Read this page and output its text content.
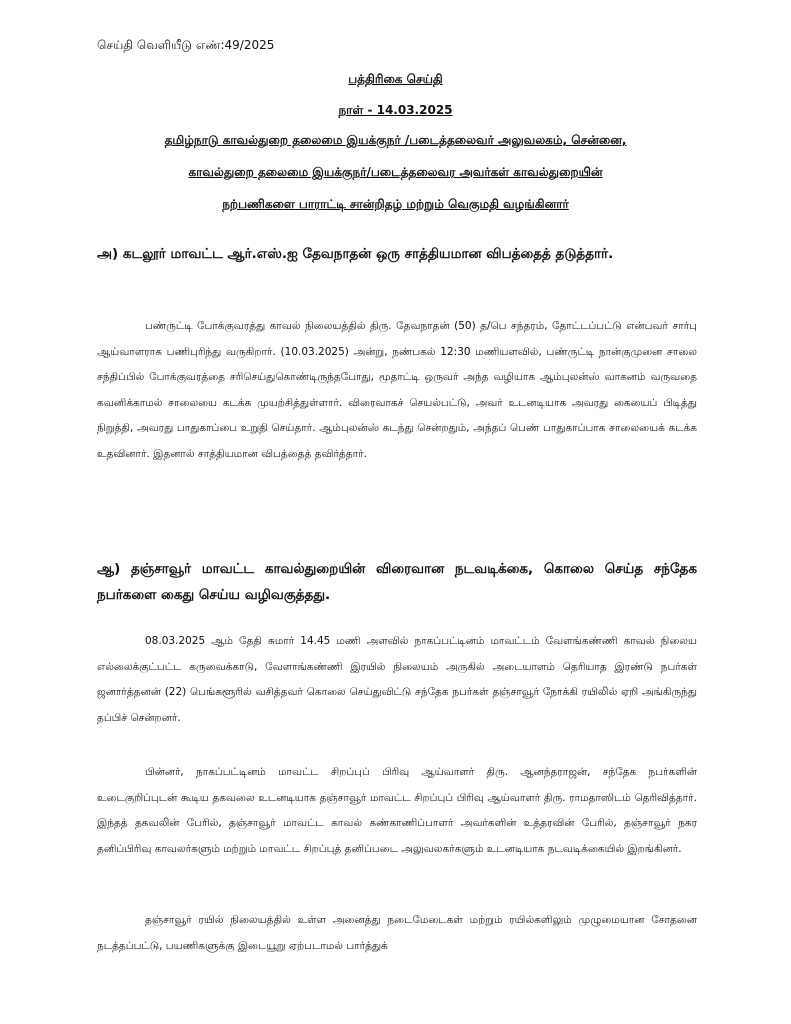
செய்தி வெளியீடு எண்:49/2025
பத்திரிகை செய்தி
நாள் - 14.03.2025
தமிழ்நாடு காவல்துறை தலைமை இயக்குநர் /படைத்தலைவர் அலுவலகம், சென்னை,
காவல்துறை தலைமை இயக்குநர்/படைத்தலைவர அவர்கள் காவல்துறையின்
நற்பணிகளை பாராட்டி சான்றிதழ் மற்றும் வெகுமதி வழங்கினார்
அ) கடலூர் மாவட்ட ஆர்.எஸ்.ஐ தேவநாதன் ஒரு சாத்தியமான விபத்தைத் தடுத்தார்.

பண்ருட்டி போக்குவரத்து காவல் நிலையத்தில் திரு. தேவநாதன் (50) த/பெ சந்தரம், தோட்டப்பட்டு என்பவர் சார்பு ஆய்வாளராக பணிபுரிந்து வருகிறார். (10.03.2025) அன்று, நண்பகல் 12:30 மணியளவில், பண்ருட்டி நான்குமுனை சாலை சந்திப்பில் போக்குவரத்தை சரிசெய்துகொண்டிருந்தபோது, மூதாட்டி ஒருவர் அந்த வழியாக ஆம்புலன்ஸ் வாகனம் வருவதை கவனிக்காமல் சாலையை கடக்க முயற்சித்துள்ளார். விரைவாகச் செயல்பட்டு, அவர் உடனடியாக அவரது கையைப் பிடித்து நிறுத்தி, அவரது பாதுகாப்பை உறுதி செய்தார். ஆம்புலன்ஸ் கடந்து சென்றதும், அந்தப் பெண் பாதுகாப்பாக சாலையைக் கடக்க உதவினார். இதனால் சாத்தியமான விபத்தைத் தவிர்த்தார்.

ஆ) தஞ்சாவூர் மாவட்ட காவல்துறையின் விரைவான நடவடிக்கை, கொலை செய்த சந்தேக நபர்களை கைது செய்ய வழிவகுத்தது.

08.03.2025 ஆம் தேதி சுமார் 14.45 மணி அளவில் நாகப்பட்டினம் மாவட்டம் வேளங்கண்ணி காவல் நிலைய எல்லைக்குட்பட்ட கருவைக்காடு, வேளாங்கண்ணி இரயில் நிலையம் அருகில் அடையாளம் தெரியாத இரண்டு நபர்கள் ஜனார்த்தனன் (22) பெங்களூரில் வசித்தவர் கொலை செய்துவிட்டு சந்தேக நபர்கள் தஞ்சாவூர் நோக்கி ரயிலில் ஏறி அங்கிருந்து தப்பிச் சென்றனர்.

பின்னர், நாகப்பட்டினம் மாவட்ட சிறப்புப் பிரிவு ஆய்வாளர் திரு. ஆனந்தராஜன், சந்தேக நபர்களின் உடைகுறிப்புடன் கூடிய தகவலை உடனடியாக தஞ்சாவூர் மாவட்ட சிறப்புப் பிரிவு ஆய்வாளர் திரு. ராமதாஸிடம் தெரிவித்தார். இந்தத் தகவலின் பேரில், தஞ்சாவூர் மாவட்ட காவல் கண்காணிப்பாளர் அவர்களின் உத்தரவின் பேரில், தஞ்சாவூர் நகர தனிப்பிரிவு காவலர்களும் மற்றும் மாவட்ட சிறப்புத் தனிப்படை அலுவலகர்களும் உடனடியாக நடவடிக்கையில் இறங்கினர்.

தஞ்சாவூர் ரயில் நிலையத்தில் உள்ள அனைத்து நடைமேடைகள் மற்றும் ரயில்களிலும் முழுமையான சோதனை நடத்தப்பட்டு, பயணிகளுக்கு இடையூறு ஏற்படாமல் பார்த்துக்
